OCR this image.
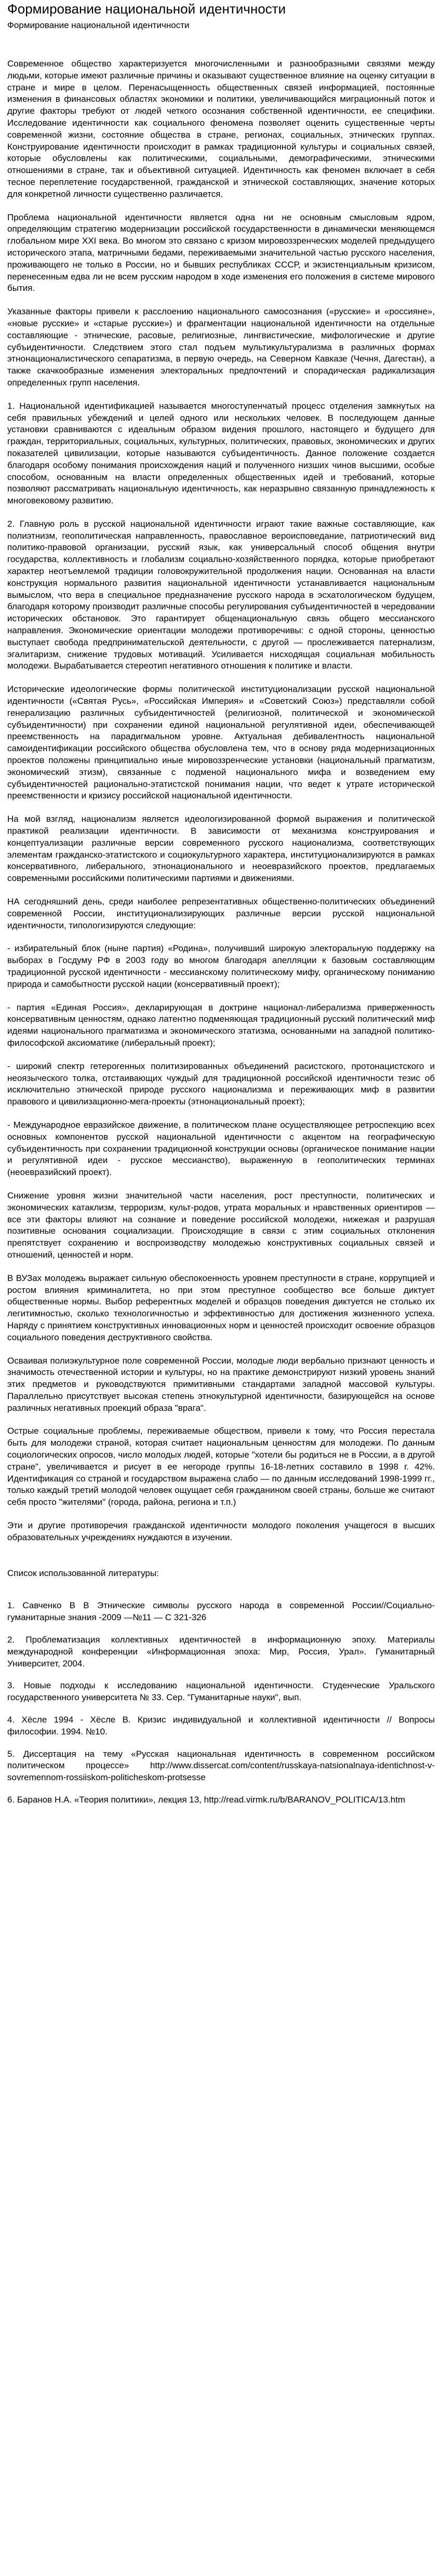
Формирование национальной идентичности
Формирование национальной идентичности

Современное общество характеризуется многочисленными и разнообразными связями между людьми, которые имеют различные причины и оказывают существенное влияние на оценку ситуации в стране и мире в целом. Перенасыщенность общественных связей информацией, постоянные изменения в финансовых областях экономики и политики, увеличивающийся миграционный поток и другие факторы требуют от людей четкого осознания собственной идентичности, ее специфики. Исследование идентичности как социального феномена позволяет оценить существенные черты современной жизни, состояние общества в стране, регионах, социальных, этнических группах. Конструирование идентичности происходит в рамках традиционной культуры и социальных связей, которые обусловлены как политическими, социальными, демографическими, этническими отношениями в стране, так и объективной ситуацией. Идентичность как феномен включает в себя тесное переплетение государственной, гражданской и этнической составляющих, значение которых для конкретной личности существенно различается.

Проблема национальной идентичности является одна ни не основным смысловым ядром, определяющим стратегию модернизации российской государственности в динамически меняющемся глобальном мире XXI века. Во многом это связано с кризом мировоззренческих моделей предыдущего исторического этапа, матричными бедами, переживаемыми значительной частью русского населения, проживающего не только в России, но и бывших республиках СССР, и экзистенциальным кризисом, перенесенным едва ли не всем русским народом в ходе изменения его положения в системе мирового бытия.

Указанные факторы привели к расслоению национального самосознания («русские» и «россияне», «новые русские» и «старые русские») и фрагментации национальной идентичности на отдельные составляющие - этнические, расовые, религиозные, лингвистические, мифологические и другие субъидентичности. Следствием этого стал подъем мультикультурализма в различных формах этнонационалистического сепаратизма, в первую очередь, на Северном Кавказе (Чечня, Дагестан), а также скачкообразные изменения электоральных предпочтений и спорадическая радикализация определенных групп населения.

1. Национальной идентификацией называется многоступенчатый процесс отделения замкнутых на себя правильных убеждений и целей одного или нескольких человек. В последующем данные установки сравниваются с идеальным образом видения прошлого, настоящего и будущего для граждан, территориальных, социальных, культурных, политических, правовых, экономических и других показателей цивилизации, которые называются субъидентичность. Данное положение создается благодаря особому понимания происхождения наций и полученного низших чинов высшими, особые способом, основанным на власти определенных общественных идей и требований, которые позволяют рассматривать национальную идентичность, как неразрывно связанную принадлежность к многовековому развитию.

2. Главную роль в русской национальной идентичности играют такие важные составляющие, как полиэтнизм, геополитическая направленность, православное вероисповедание, патриотический вид политико-правовой организации, русский язык, как универсальный способ общения внутри государства, коллективность и глобализм социально-хозяйственного порядка, которые приобретают характер неотъемлемой традиции головокружительной продолжения нации. Основанная на власти конструкция нормального развития национальной идентичности устанавливается национальным вымыслом, что вера в специальное предназначение русского народа в эсхатологическом будущем, благодаря которому производит различные способы регулирования субъидентичностей в чередовании исторических обстановок. Это гарантирует общенациональную связь общего мессианского направления. Экономические ориентации молодежи противоречивы: с одной стороны, ценностью выступает свобода предпринимательской деятельности, с другой — прослеживается патернализм, эгалитаризм, снижение трудовых мотиваций. Усиливается нисходящая социальная мобильность молодежи. Вырабатывается стереотип негативного отношения к политике и власти.

Исторические идеологические формы политической институционализации русской национальной идентичности («Святая Русь», «Российская Империя» и «Советский Союз») представляли собой генерализацию различных субъидентичностей (религиозной, политической и экономической субъидентичности) при сохранении единой национальной регулятивной идеи, обеспечивающей преемственность на парадигмальном уровне. Актуальная дебивалентность национальной самоидентификации российского общества обусловлена тем, что в основу ряда модернизационных проектов положены принципиально иные мировоззренческие установки (национальный прагматизм, экономический этизм), связанные с подменой национального мифа и возведением ему субъидентичностей рационально-этатистской понимания нации, что ведет к утрате исторической преемственности и кризису российской национальной идентичности.

На мой взгляд, национализм является идеологизированной формой выражения и политической практикой реализации идентичности. В зависимости от механизма конструирования и концептуализации различные версии современного русского национализма, соответствующих элементам гражданско-этатистского и социокультурного характера, институционализируются в рамках консервативного, либерального, этнонационального и неоевразийского проектов, предлагаемых современными российскими политическими партиями и движениями.

НА сегодняшний день, среди наиболее репрезентативных общественно-политических объединений современной России, институционализирующих различные версии русской национальной идентичности, типологизируются следующие:

- избирательный блок (ныне партия) «Родина», получивший широкую электоральную поддержку на выборах в Госдуму РФ в 2003 году во многом благодаря апелляции к базовым составляющим традиционной русской идентичности - мессианскому политическому мифу, органическому пониманию природа и самобытности русской нации (консервативный проект);

- партия «Единая Россия», декларирующая в доктрине национал-либерализма приверженность консервативным ценностям, однако латентно подменяющая традиционный русский политический миф идеями национального прагматизма и экономического этатизма, основанными на западной политико-философской аксиоматике (либеральный проект);

- широкий спектр гетерогенных политизированных объединений расистского, протонацистского и неоязыческого толка, отстаивающих чуждый для традиционной российской идентичности тезис об исключительно этнической природе русского национализма и переживающих миф в развитии правового и цивилизационно-мега-проекты (этнонациональный проект);

- Международное евразийское движение, в политическом плане осуществляющее ретроспекцию всех основных компонентов русской национальной идентичности с акцентом на географическую субъидентичность при сохранении традиционной конструкции основы (органическое понимание нации и регулятивной идеи - русское мессианство), выраженную в геополитических терминах (неоевразийский проект).

Снижение уровня жизни значительной части населения, рост преступности, политических и экономических катаклизм, терроризм, культ-родов, утрата моральных и нравственных ориентиров — все эти факторы влияют на сознание и поведение российской молодежи, нижежая и разрушая позитивные основания социализации. Происходящие в связи с этим социальных отклонения препятствует сохранению и воспроизводству молодежью конструктивных социальных связей и отношений, ценностей и норм.

В ВУЗах молодежь выражает сильную обеспокоенность уровнем преступности в стране, коррупцией и ростом влияния криминалитета, но при этом преступное сообщество все больше диктует общественные нормы. Выбор референтных моделей и образцов поведения диктуется не столько их легитимностью, сколько технологичностью и эффективностью для достижения жизненного успеха. Наряду с принятием конструктивных инновационных норм и ценностей происходит освоение образцов социального поведения деструктивного свойства.

Осваивая полиэкультурное поле современной России, молодые люди вербально признают ценность и значимость отечественной истории и культуры, но на практике демонстрируют низкий уровень знаний этих предметов и руководствуются примитивными стандартами западной массовой культуры. Параллельно присутствует высокая степень этнокультурной идентичности, базирующейся на основе различных негативных проекций образа "врага".

Острые социальные проблемы, переживаемые обществом, привели к тому, что Россия перестала быть для молодежи страной, которая считает национальным ценностям для молодежи. По данным социологических опросов, число молодых людей, которые "хотели бы родиться не в России, а в другой стране", увеличивается и рисует в ее негороде группы 16-18-летних составило в 1998 г. 42%. Идентификация со страной и государством выражена слабо — по данным исследований 1998-1999 гг., только каждый третий молодой человек ощущает себя гражданином своей страны, больше же считают себя просто "жителями" (города, района, региона и т.п.)

Эти и другие противоречия гражданской идентичности молодого поколения учащегося в высших образовательных учреждениях нуждаются в изучении.

Список использованной литературы:

1. Савченко В В Этнические символы русского народа в современной России//Социально-гуманитарные знания -2009 —№11 — С 321-326

2. Проблематизация коллективных идентичностей в информационную эпоху. Материалы международной конференции «Информационная эпоха: Мир, Россия, Урал». Гуманитарный Университет, 2004.

3. Новые подходы к исследованию национальной идентичности. Студенческие Уральского государственного университета № 33. Сер. "Гуманитарные науки", вып.

4. Хёсле 1994 - Хёсле В. Кризис индивидуальной и коллективной идентичности // Вопросы философии. 1994. №10.

5. Диссертация на тему «Русская национальная идентичность в современном российском политическом процессе» http://www.dissercat.com/content/russkaya-natsionalnaya-identichnost-v-sovremennom-rossiiskom-politicheskom-protsesse

6. Баранов Н.А. «Теория политики», лекция 13, http://read.virmk.ru/b/BARANOV_POLITICA/13.htm
